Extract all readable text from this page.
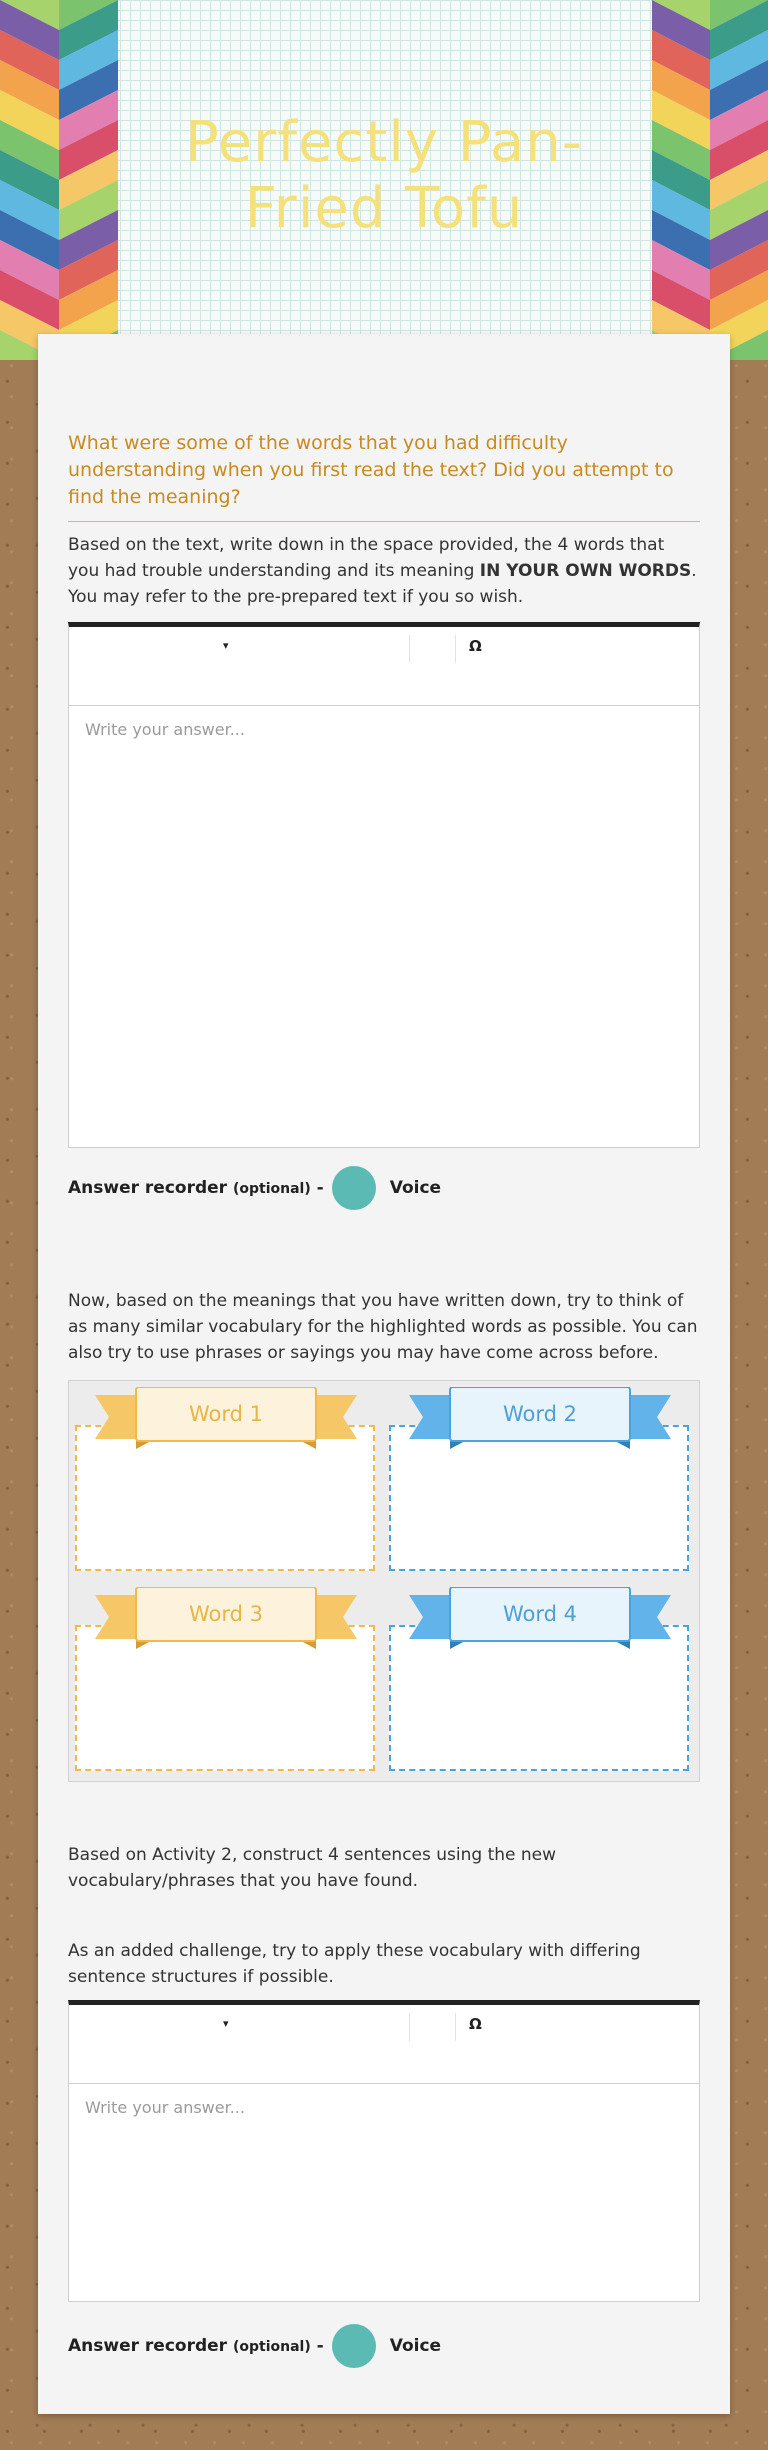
Perfectly Pan-Fried Tofu
What were some of the words that you had difficulty understanding when you first read the text? Did you attempt to find the meaning?

Based on the text, write down in the space provided, the 4 words that you had trouble understanding and its meaning IN YOUR OWN WORDS. You may refer to the pre-prepared text if you so wish.

▾	Ω
Write your answer...
Answer recorder (optional) -	Voice

Now, based on the meanings that you have written down, try to think of as many similar vocabulary for the highlighted words as possible. You can also try to use phrases or sayings you may have come across before.

Word 1	Word 2
Word 3	Word 4

Based on Activity 2, construct 4 sentences using the new vocabulary/phrases that you have found.

As an added challenge, try to apply these vocabulary with differing sentence structures if possible.

▾	Ω
Write your answer...
Answer recorder (optional) -	Voice
